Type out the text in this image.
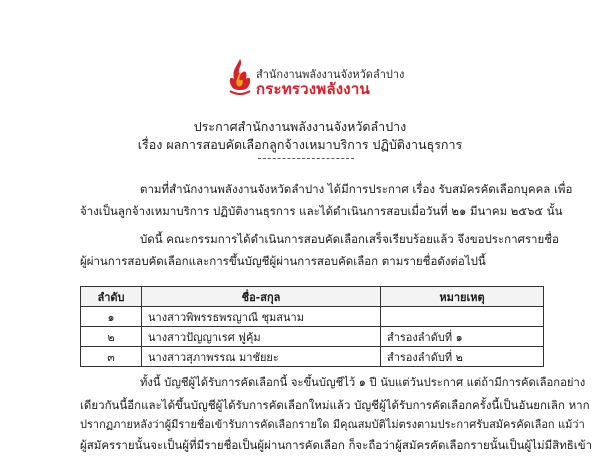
สำนักงานพลังงานจังหวัดลำปาง
กระทรวงพลังงาน
ประกาศสำนักงานพลังงานจังหวัดลำปาง
เรื่อง ผลการสอบคัดเลือกลูกจ้างเหมาบริการ ปฏิบัติงานธุรการ
ตามที่สำนักงานพลังงานจังหวัดลำปาง ได้มีการประกาศ เรื่อง รับสมัครคัดเลือกบุคคล เพื่อ
จ้างเป็นลูกจ้างเหมาบริการ ปฏิบัติงานธุรการ และได้ดำเนินการสอบเมื่อวันที่ ๒๑ มีนาคม ๒๕๖๕ นั้น
บัดนี้ คณะกรรมการได้ดำเนินการสอบคัดเลือกเสร็จเรียบร้อยแล้ว จึงขอประกาศรายชื่อ
ผู้ผ่านการสอบคัดเลือกและการขึ้นบัญชีผู้ผ่านการสอบคัดเลือก ตามรายชื่อดังต่อไปนี้
ลำดับ	ชื่อ-สกุล	หมายเหตุ
๑	นางสาวพิพรรธพรญาณี ชุมสนาม	
๒	นางสาวปัญญาเรศ ฟูคุ้ม	สำรองลำดับที่ ๑
๓	นางสาวสุภาพรรณ มาชัยยะ	สำรองลำดับที่ ๒
ทั้งนี้ บัญชีผู้ได้รับการคัดเลือกนี้ จะขึ้นบัญชีไว้ ๑ ปี นับแต่วันประกาศ แต่ถ้ามีการคัดเลือกอย่าง
เดียวกันนี้อีกและได้ขึ้นบัญชีผู้ได้รับการคัดเลือกใหม่แล้ว บัญชีผู้ได้รับการคัดเลือกครั้งนี้เป็นอันยกเลิก หาก
ปรากฏภายหลังว่าผู้มีรายชื่อเข้ารับการคัดเลือกรายใด มีคุณสมบัติไม่ตรงตามประกาศรับสมัครคัดเลือก แม้ว่า
ผู้สมัครรายนั้นจะเป็นผู้ที่มีรายชื่อเป็นผู้ผ่านการคัดเลือก ก็จะถือว่าผู้สมัครคัดเลือกรายนั้นเป็นผู้ไม่มีสิทธิเข้า
